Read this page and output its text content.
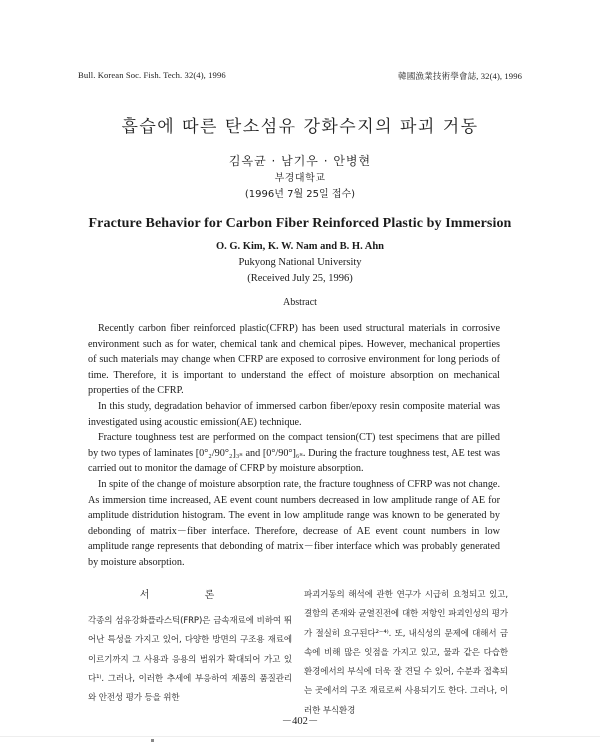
Bull. Korean Soc. Fish. Tech. 32(4), 1996	韓國漁業技術學會誌, 32(4), 1996
흡습에 따른 탄소섬유 강화수지의 파괴 거동
김옥균 · 남기우 · 안병현
부경대학교
(1996년 7월 25일 접수)
Fracture Behavior for Carbon Fiber Reinforced Plastic by Immersion
O. G. Kim, K. W. Nam and B. H. Ahn
Pukyong National University
(Received July 25, 1996)
Abstract

Recently carbon fiber reinforced plastic(CFRP) has been used structural materials in corrosive environment such as for water, chemical tank and chemical pipes. However, mechanical properties of such materials may change when CFRP are exposed to corrosive environment for long periods of time. Therefore, it is important to understand the effect of moisture absorption on mechanical properties of the CFRP.

In this study, degradation behavior of immersed carbon fiber/epoxy resin composite material was investigated using acoustic emission(AE) technique.

Fracture toughness test are performed on the compact tension(CT) test specimens that are pilled by two types of laminates [0°₂/90°₂]₃ₛ and [0°/90°]₆ₛ. During the fracture toughness test, AE test was carried out to monitor the damage of CFRP by moisture absorption.

In spite of the change of moisture absorption rate, the fracture toughness of CFRP was not change. As immersion time increased, AE event count numbers decreased in low amplitude range of AE for amplitude distridution histogram. The event in low amplitude range was known to be generated by debonding of matrix－fiber interface. Therefore, decrease of AE event count numbers in low amplitude range represents that debonding of matrix－fiber interface which was probably generated by moisture absorption.

서 론

각종의 섬유강화플라스틱(FRP)은 금속재료에 비하여 뛰어난 특성을 가지고 있어, 다양한 방면의 구조용 재료에 이르기까지 그 사용과 응용의 범위가 확대되어 가고 있다¹⁾. 그러나, 이러한 추세에 부응하여 제품의 품질관리와 안전성 평가 등을 위한

파괴거동의 해석에 관한 연구가 시급히 요청되고 있고, 결함의 존재와 균열진전에 대한 저항인 파괴인성의 평가가 절실히 요구된다²⁻⁴⁾. 또, 내식성의 문제에 대해서 금속에 비해 많은 잇점을 가지고 있고, 물과 같은 다습한 환경에서의 부식에 더욱 잘 견딜 수 있어, 수분과 접촉되는 곳에서의 구조 재료로써 사용되기도 한다. 그러나, 이러한 부식환경

－402－
